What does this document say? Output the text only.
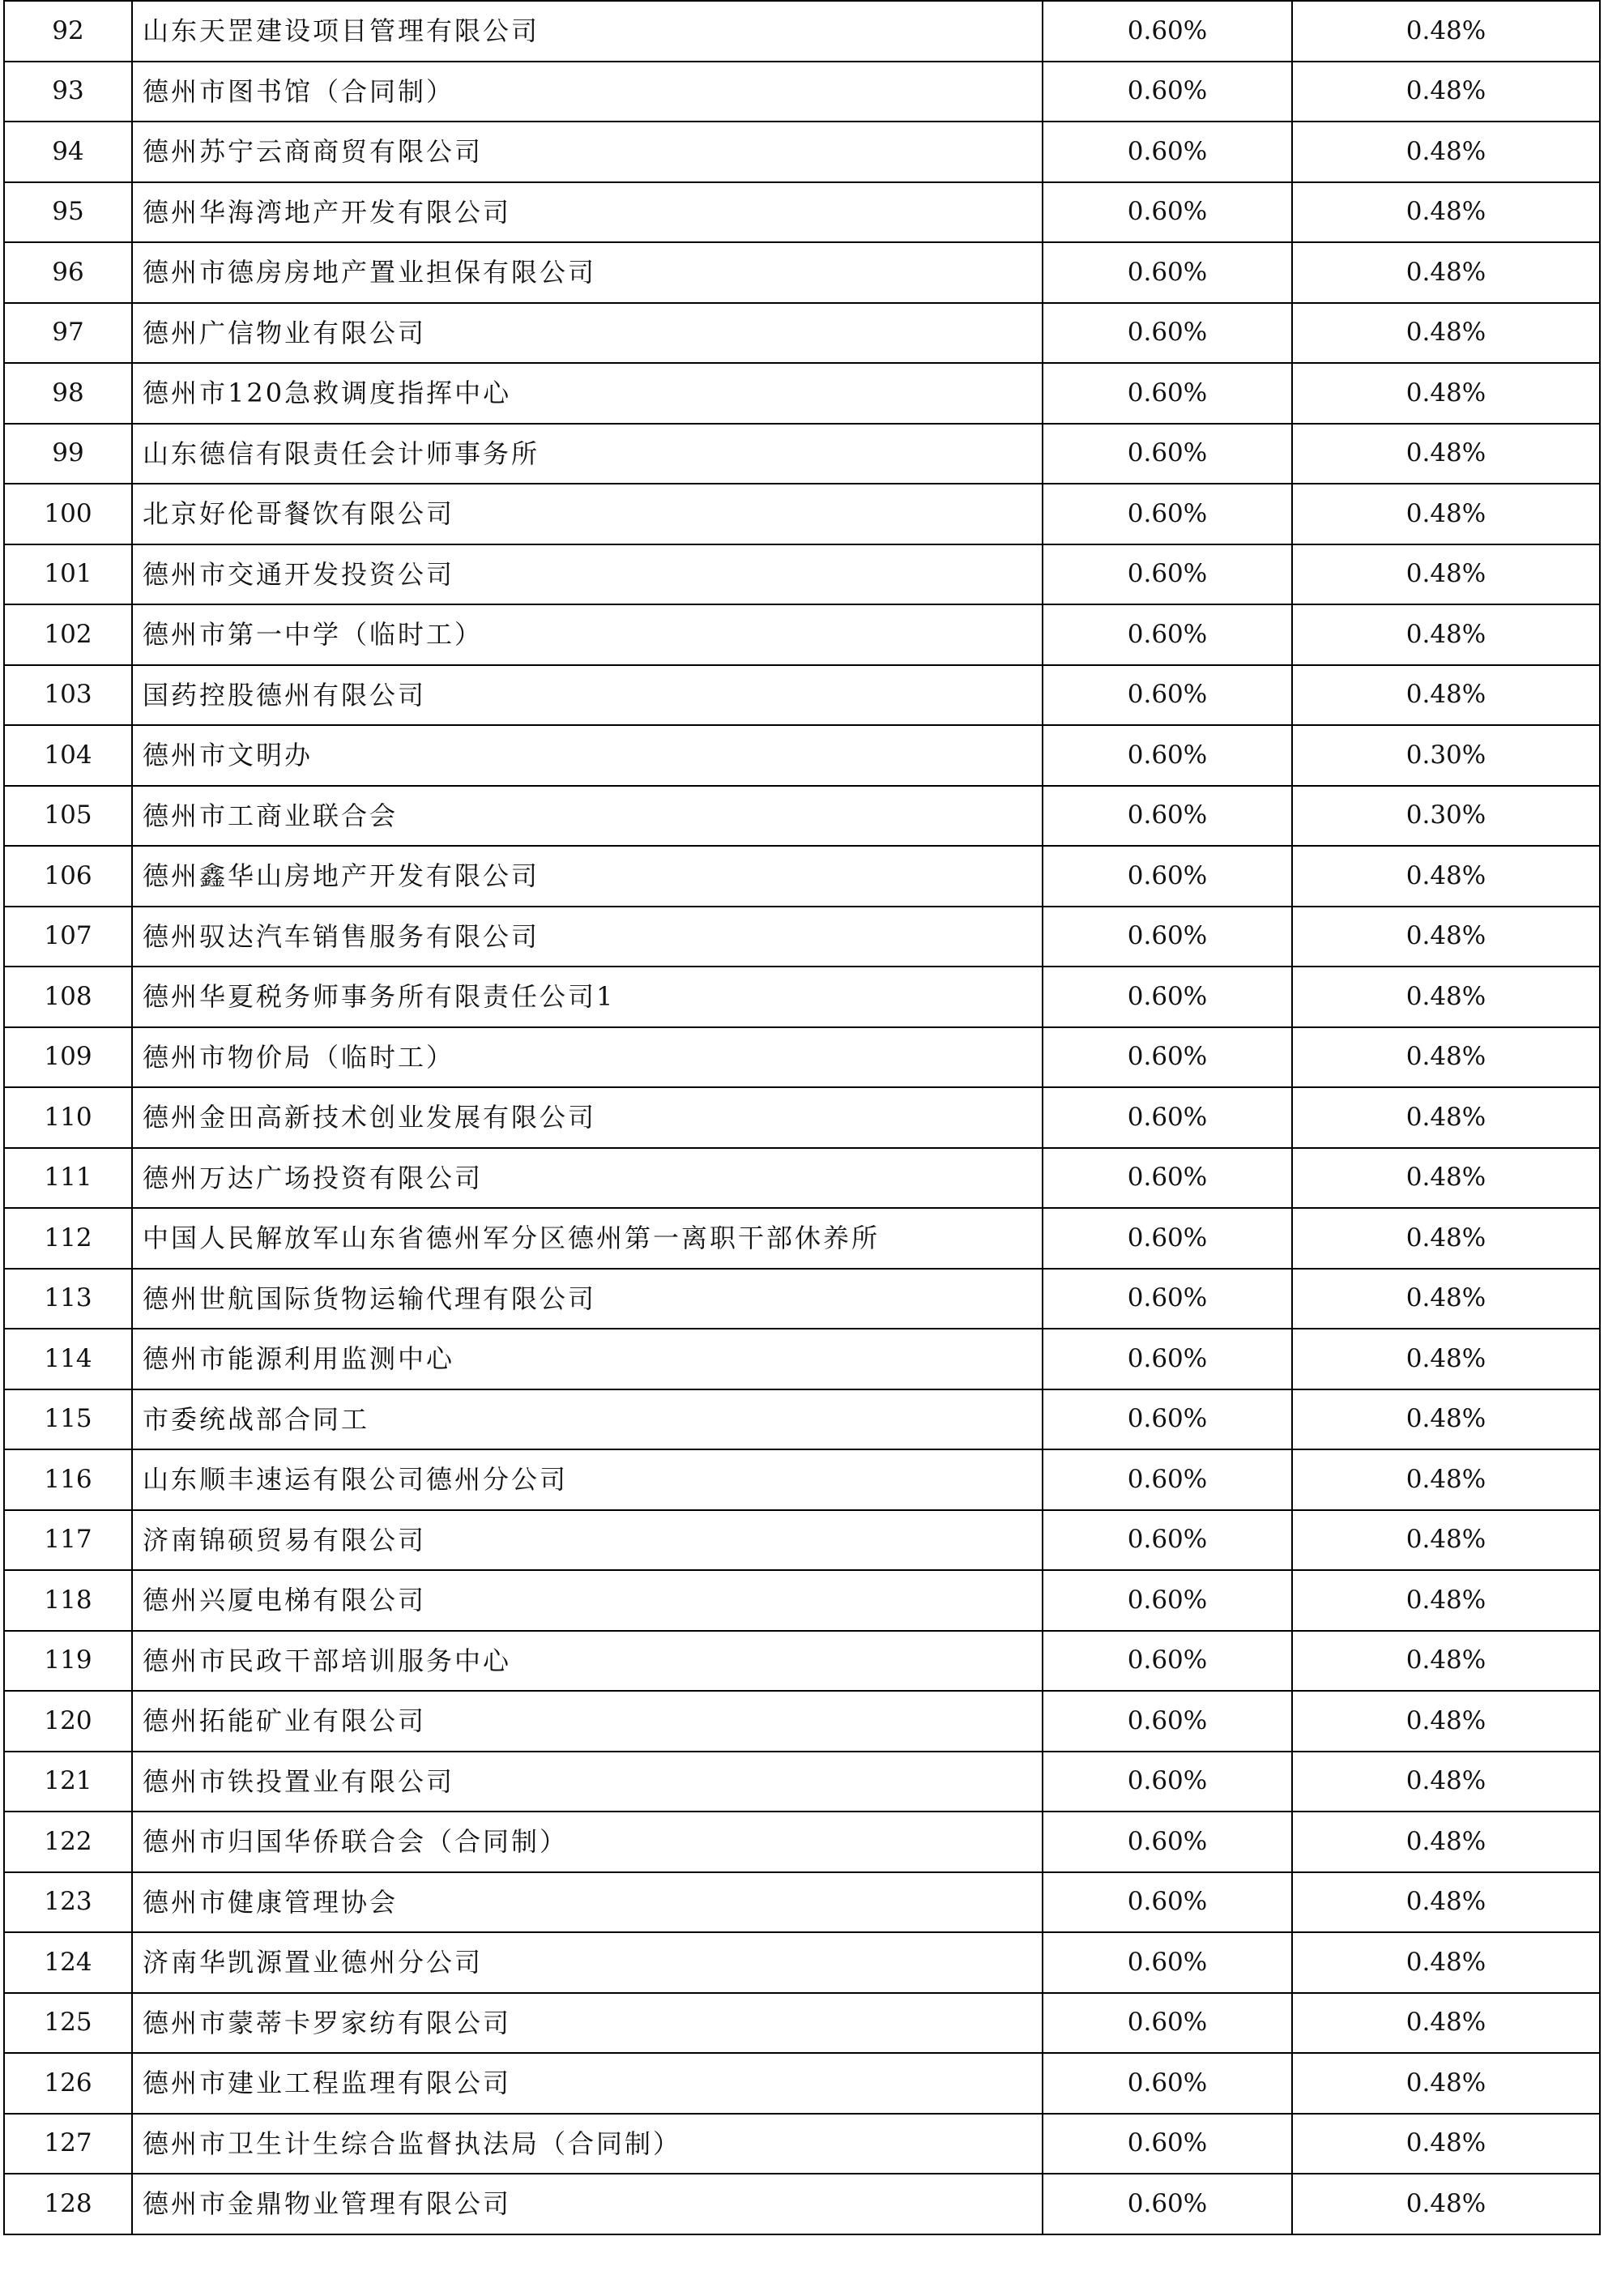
92	山东天罡建设项目管理有限公司	0.60%	0.48%
93	德州市图书馆（合同制）	0.60%	0.48%
94	德州苏宁云商商贸有限公司	0.60%	0.48%
95	德州华海湾地产开发有限公司	0.60%	0.48%
96	德州市德房房地产置业担保有限公司	0.60%	0.48%
97	德州广信物业有限公司	0.60%	0.48%
98	德州市120急救调度指挥中心	0.60%	0.48%
99	山东德信有限责任会计师事务所	0.60%	0.48%
100	北京好伦哥餐饮有限公司	0.60%	0.48%
101	德州市交通开发投资公司	0.60%	0.48%
102	德州市第一中学（临时工）	0.60%	0.48%
103	国药控股德州有限公司	0.60%	0.48%
104	德州市文明办	0.60%	0.30%
105	德州市工商业联合会	0.60%	0.30%
106	德州鑫华山房地产开发有限公司	0.60%	0.48%
107	德州驭达汽车销售服务有限公司	0.60%	0.48%
108	德州华夏税务师事务所有限责任公司1	0.60%	0.48%
109	德州市物价局（临时工）	0.60%	0.48%
110	德州金田高新技术创业发展有限公司	0.60%	0.48%
111	德州万达广场投资有限公司	0.60%	0.48%
112	中国人民解放军山东省德州军分区德州第一离职干部休养所	0.60%	0.48%
113	德州世航国际货物运输代理有限公司	0.60%	0.48%
114	德州市能源利用监测中心	0.60%	0.48%
115	市委统战部合同工	0.60%	0.48%
116	山东顺丰速运有限公司德州分公司	0.60%	0.48%
117	济南锦硕贸易有限公司	0.60%	0.48%
118	德州兴厦电梯有限公司	0.60%	0.48%
119	德州市民政干部培训服务中心	0.60%	0.48%
120	德州拓能矿业有限公司	0.60%	0.48%
121	德州市铁投置业有限公司	0.60%	0.48%
122	德州市归国华侨联合会（合同制）	0.60%	0.48%
123	德州市健康管理协会	0.60%	0.48%
124	济南华凯源置业德州分公司	0.60%	0.48%
125	德州市蒙蒂卡罗家纺有限公司	0.60%	0.48%
126	德州市建业工程监理有限公司	0.60%	0.48%
127	德州市卫生计生综合监督执法局（合同制）	0.60%	0.48%
128	德州市金鼎物业管理有限公司	0.60%	0.48%
